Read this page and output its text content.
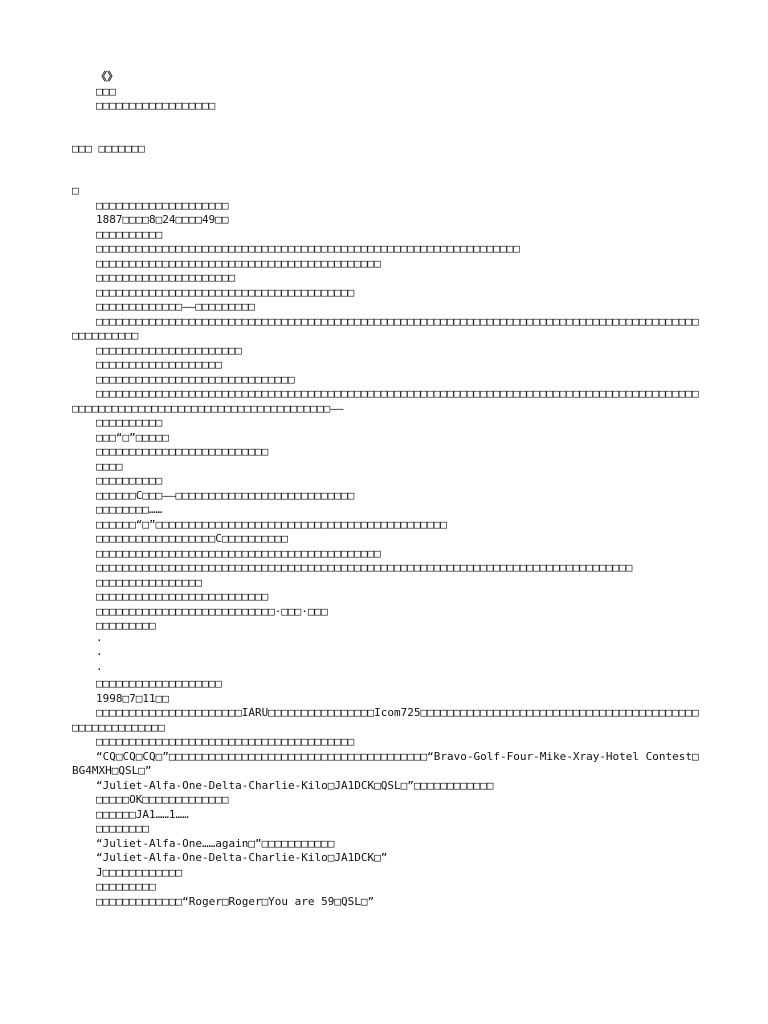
《》
□□□
□□□□□□□□□□□□□□□□□□
□□□ □□□□□□□
□
□□□□□□□□□□□□□□□□□□□□
1887□□□□8□24□□□□49□□
□□□□□□□□□□
□□□□□□□□□□□□□□□□□□□□□□□□□□□□□□□□□□□□□□□□□□□□□□□□□□□□□□□□□□□□□□□□
□□□□□□□□□□□□□□□□□□□□□□□□□□□□□□□□□□□□□□□□□□□
□□□□□□□□□□□□□□□□□□□□□
□□□□□□□□□□□□□□□□□□□□□□□□□□□□□□□□□□□□□□□
□□□□□□□□□□□□□——□□□□□□□□□
□□□□□□□□□□□□□□□□□□□□□□□□□□□□□□□□□□□□□□□□□□□□□□□□□□□□□□□□□□□□□□□□□□□□□□□□□□□□□□□□□□□□□□□□□□□□□□□□□□□□□
□□□□□□□□□□□□□□□□□□□□□□
□□□□□□□□□□□□□□□□□□□
□□□□□□□□□□□□□□□□□□□□□□□□□□□□□□
□□□□□□□□□□□□□□□□□□□□□□□□□□□□□□□□□□□□□□□□□□□□□□□□□□□□□□□□□□□□□□□□□□□□□□□□□□□□□□□□□□□□□□□□□□□□□□□□□□□□□□□□□□□□□□□□□□□□□□□□□□□□□□□□□□——
□□□□□□□□□□
□□□“□”□□□□□
□□□□□□□□□□□□□□□□□□□□□□□□□□
□□□□
□□□□□□□□□□
□□□□□□C□□□——□□□□□□□□□□□□□□□□□□□□□□□□□□□
□□□□□□□□……
□□□□□□“□”□□□□□□□□□□□□□□□□□□□□□□□□□□□□□□□□□□□□□□□□□□□□
□□□□□□□□□□□□□□□□□□C□□□□□□□□□□
□□□□□□□□□□□□□□□□□□□□□□□□□□□□□□□□□□□□□□□□□□□
□□□□□□□□□□□□□□□□□□□□□□□□□□□□□□□□□□□□□□□□□□□□□□□□□□□□□□□□□□□□□□□□□□□□□□□□□□□□□□□□□
□□□□□□□□□□□□□□□□
□□□□□□□□□□□□□□□□□□□□□□□□□□
□□□□□□□□□□□□□□□□□□□□□□□□□□□·□□□·□□□
□□□□□□□□□
·
·
·
□□□□□□□□□□□□□□□□□□□
1998□7□11□□
□□□□□□□□□□□□□□□□□□□□□□IARU□□□□□□□□□□□□□□□□Icom725□□□□□□□□□□□□□□□□□□□□□□□□□□□□□□□□□□□□□□□□□□□□□□□□□□□□□□□□
□□□□□□□□□□□□□□□□□□□□□□□□□□□□□□□□□□□□□□□
“CQ□CQ□CQ□”□□□□□□□□□□□□□□□□□□□□□□□□□□□□□□□□□□□□□□□“Bravo-Golf-Four-Mike-Xray-Hotel Contest□BG4MXH□QSL□”
“Juliet-Alfa-One-Delta-Charlie-Kilo□JA1DCK□QSL□”□□□□□□□□□□□□
□□□□□OK□□□□□□□□□□□□□
□□□□□□JA1……1……
□□□□□□□□
“Juliet-Alfa-One……again□”□□□□□□□□□□□
“Juliet-Alfa-One-Delta-Charlie-Kilo□JA1DCK□”
J□□□□□□□□□□□□
□□□□□□□□□
□□□□□□□□□□□□□“Roger□Roger□You are 59□QSL□”
